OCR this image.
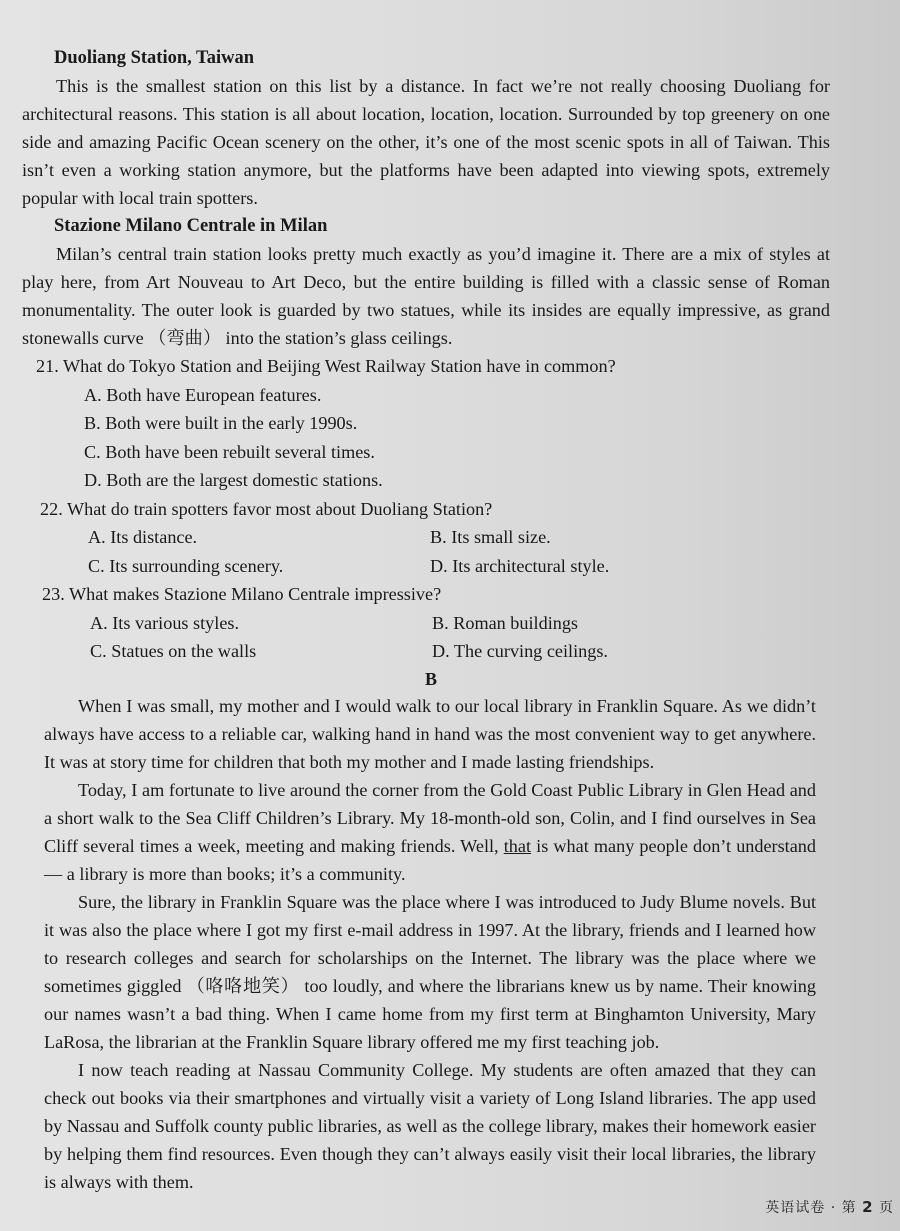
Duoliang Station, Taiwan

This is the smallest station on this list by a distance. In fact we’re not really choosing Duoliang for architectural reasons. This station is all about location, location, location. Surrounded by top greenery on one side and amazing Pacific Ocean scenery on the other, it’s one of the most scenic spots in all of Taiwan. This isn’t even a working station anymore, but the platforms have been adapted into viewing spots, extremely popular with local train spotters.

Stazione Milano Centrale in Milan

Milan’s central train station looks pretty much exactly as you’d imagine it. There are a mix of styles at play here, from Art Nouveau to Art Deco, but the entire building is filled with a classic sense of Roman monumentality. The outer look is guarded by two statues, while its insides are equally impressive, as grand stonewalls curve （弯曲） into the station’s glass ceilings.

21. What do Tokyo Station and Beijing West Railway Station have in common?

A. Both have European features.
B. Both were built in the early 1990s.
C. Both have been rebuilt several times.
D. Both are the largest domestic stations.

22. What do train spotters favor most about Duoliang Station?

A. Its distance.	B. Its small size.
C. Its surrounding scenery.	D. Its architectural style.

23. What makes Stazione Milano Centrale impressive?

A. Its various styles.	B. Roman buildings
C. Statues on the walls	D. The curving ceilings.
B

When I was small, my mother and I would walk to our local library in Franklin Square. As we didn’t always have access to a reliable car, walking hand in hand was the most convenient way to get anywhere. It was at story time for children that both my mother and I made lasting friendships.

Today, I am fortunate to live around the corner from the Gold Coast Public Library in Glen Head and a short walk to the Sea Cliff Children’s Library. My 18-month-old son, Colin, and I find ourselves in Sea Cliff several times a week, meeting and making friends. Well, that is what many people don’t understand — a library is more than books; it’s a community.

Sure, the library in Franklin Square was the place where I was introduced to Judy Blume novels. But it was also the place where I got my first e-mail address in 1997. At the library, friends and I learned how to research colleges and search for scholarships on the Internet. The library was the place where we sometimes giggled （咯咯地笑） too loudly, and where the librarians knew us by name. Their knowing our names wasn’t a bad thing. When I came home from my first term at Binghamton University, Mary LaRosa, the librarian at the Franklin Square library offered me my first teaching job.

I now teach reading at Nassau Community College. My students are often amazed that they can check out books via their smartphones and virtually visit a variety of Long Island libraries. The app used by Nassau and Suffolk county public libraries, as well as the college library, makes their homework easier by helping them find resources. Even though they can’t always easily visit their local libraries, the library is always with them.

英语试卷 · 第 2 页
